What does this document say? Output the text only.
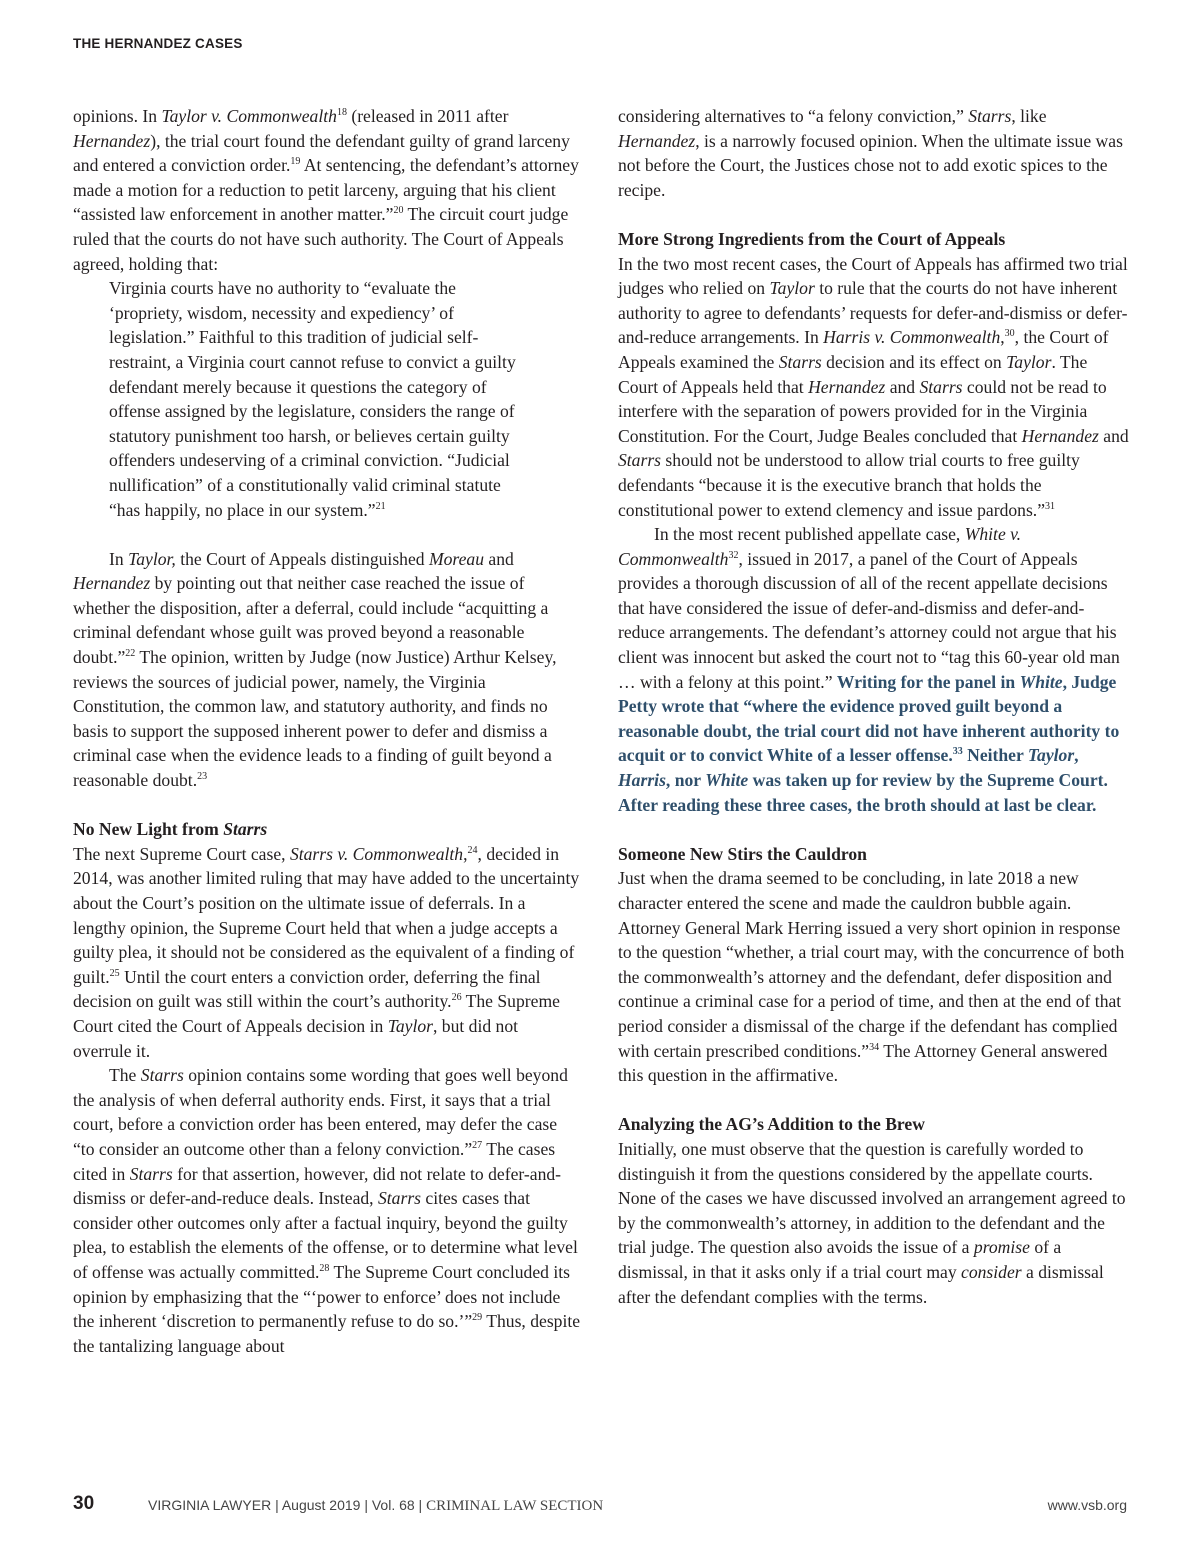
THE HERNANDEZ CASES

opinions. In Taylor v. Commonwealth$^{18}$ (released in 2011 after Hernandez), the trial court found the defendant guilty of grand larceny and entered a conviction order.$^{19}$ At sentencing, the defendant’s attorney made a motion for a reduction to petit larceny, arguing that his client “assisted law enforcement in another matter.”$^{20}$ The circuit court judge ruled that the courts do not have such authority. The Court of Appeals agreed, holding that:

Virginia courts have no authority to “evaluate the ‘propriety, wisdom, necessity and expediency’ of legislation.” Faithful to this tradition of judicial self-restraint, a Virginia court cannot refuse to convict a guilty defendant merely because it questions the category of offense assigned by the legislature, considers the range of statutory punishment too harsh, or believes certain guilty offenders undeserving of a criminal conviction. “Judicial nullification” of a constitutionally valid criminal statute “has happily, no place in our system.”$^{21}$

In Taylor, the Court of Appeals distinguished Moreau and Hernandez by pointing out that neither case reached the issue of whether the disposition, after a deferral, could include “acquitting a criminal defendant whose guilt was proved beyond a reasonable doubt.”$^{22}$ The opinion, written by Judge (now Justice) Arthur Kelsey, reviews the sources of judicial power, namely, the Virginia Constitution, the common law, and statutory authority, and finds no basis to support the supposed inherent power to defer and dismiss a criminal case when the evidence leads to a finding of guilt beyond a reasonable doubt.$^{23}$

No New Light from Starrs

The next Supreme Court case, Starrs v. Commonwealth,$^{24}$, decided in 2014, was another limited ruling that may have added to the uncertainty about the Court’s position on the ultimate issue of deferrals. In a lengthy opinion, the Supreme Court held that when a judge accepts a guilty plea, it should not be considered as the equivalent of a finding of guilt.$^{25}$ Until the court enters a conviction order, deferring the final decision on guilt was still within the court’s authority.$^{26}$ The Supreme Court cited the Court of Appeals decision in Taylor, but did not overrule it.

The Starrs opinion contains some wording that goes well beyond the analysis of when deferral authority ends. First, it says that a trial court, before a conviction order has been entered, may defer the case “to consider an outcome other than a felony conviction.”$^{27}$ The cases cited in Starrs for that assertion, however, did not relate to defer-and-dismiss or defer-and-reduce deals. Instead, Starrs cites cases that consider other outcomes only after a factual inquiry, beyond the guilty plea, to establish the elements of the offense, or to determine what level of offense was actually committed.$^{28}$ The Supreme Court concluded its opinion by emphasizing that the “‘power to enforce’ does not include the inherent ‘discretion to permanently refuse to do so.’”$^{29}$ Thus, despite the tantalizing language about

considering alternatives to “a felony conviction,” Starrs, like Hernandez, is a narrowly focused opinion. When the ultimate issue was not before the Court, the Justices chose not to add exotic spices to the recipe.

More Strong Ingredients from the Court of Appeals

In the two most recent cases, the Court of Appeals has affirmed two trial judges who relied on Taylor to rule that the courts do not have inherent authority to agree to defendants’ requests for defer-and-dismiss or defer-and-reduce arrangements. In Harris v. Commonwealth,$^{30}$, the Court of Appeals examined the Starrs decision and its effect on Taylor. The Court of Appeals held that Hernandez and Starrs could not be read to interfere with the separation of powers provided for in the Virginia Constitution. For the Court, Judge Beales concluded that Hernandez and Starrs should not be understood to allow trial courts to free guilty defendants “because it is the executive branch that holds the constitutional power to extend clemency and issue pardons.”$^{31}$

In the most recent published appellate case, White v. Commonwealth$^{32}$, issued in 2017, a panel of the Court of Appeals provides a thorough discussion of all of the recent appellate decisions that have considered the issue of defer-and-dismiss and defer-and-reduce arrangements. The defendant’s attorney could not argue that his client was innocent but asked the court not to “tag this 60-year old man … with a felony at this point.” Writing for the panel in White, Judge Petty wrote that “where the evidence proved guilt beyond a reasonable doubt, the trial court did not have inherent authority to acquit or to convict White of a lesser offense.$^{33}$ Neither Taylor, Harris, nor White was taken up for review by the Supreme Court. After reading these three cases, the broth should at last be clear.

Someone New Stirs the Cauldron

Just when the drama seemed to be concluding, in late 2018 a new character entered the scene and made the cauldron bubble again. Attorney General Mark Herring issued a very short opinion in response to the question “whether, a trial court may, with the concurrence of both the commonwealth’s attorney and the defendant, defer disposition and continue a criminal case for a period of time, and then at the end of that period consider a dismissal of the charge if the defendant has complied with certain prescribed conditions.”$^{34}$ The Attorney General answered this question in the affirmative.

Analyzing the AG’s Addition to the Brew

Initially, one must observe that the question is carefully worded to distinguish it from the questions considered by the appellate courts. None of the cases we have discussed involved an arrangement agreed to by the commonwealth’s attorney, in addition to the defendant and the trial judge. The question also avoids the issue of a promise of a dismissal, in that it asks only if a trial court may consider a dismissal after the defendant complies with the terms.

30	VIRGINIA LAWYER | August 2019 | Vol. 68 | CRIMINAL LAW SECTION	www.vsb.org
